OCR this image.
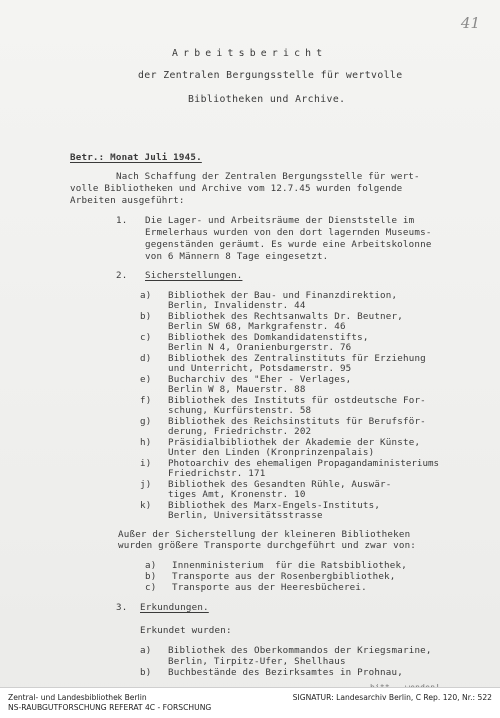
41
Arbeitsbericht
der Zentralen Bergungsstelle für wertvolle
Bibliotheken und Archive.
Betr.: Monat Juli 1945.
Nach Schaffung der Zentralen Bergungsstelle für wert-
volle Bibliotheken und Archive vom 12.7.45 wurden folgende
Arbeiten ausgeführt:
1. Die Lager- und Arbeitsräume der Dienststelle im
Ermelerhaus wurden von den dort lagernden Museums-
gegenständen geräumt. Es wurde eine Arbeitskolonne
von 6 Männern 8 Tage eingesetzt.
2. Sicherstellungen.
a) Bibliothek der Bau- und Finanzdirektion,
Berlin, Invalidenstr. 44
b) Bibliothek des Rechtsanwalts Dr. Beutner,
Berlin SW 68, Markgrafenstr. 46
c) Bibliothek des Domkandidatenstifts,
Berlin N 4, Oranienburgerstr. 76
d) Bibliothek des Zentralinstituts für Erziehung
und Unterricht, Potsdamerstr. 95
e) Bucharchiv des "Eher - Verlages,
Berlin W 8, Mauerstr. 88
f) Bibliothek des Instituts für ostdeutsche For-
schung, Kurfürstenstr. 58
g) Bibliothek des Reichsinstituts für Berufsför-
derung, Friedrichstr. 202
h) Präsidialbibliothek der Akademie der Künste,
Unter den Linden (Kronprinzenpalais)
i) Photoarchiv des ehemaligen Propagandaministeriums
Friedrichstr. 171
j) Bibliothek des Gesandten Rühle, Auswär-
tiges Amt, Kronenstr. 10
k) Bibliothek des Marx-Engels-Instituts,
Berlin, Universitätsstrasse
Außer der Sicherstellung der kleineren Bibliotheken
wurden größere Transporte durchgeführt und zwar von:
a) Innenministerium  für die Ratsbibliothek,
b) Transporte aus der Rosenbergbibliothek,
c) Transporte aus der Heeresbücherei.
3. Erkundungen.
Erkundet wurden:
a) Bibliothek des Oberkommandos der Kriegsmarine,
Berlin, Tirpitz-Ufer, Shellhaus
b) Buchbestände des Bezirksamtes in Prohnau,
Zentral- und Landesbibliothek Berlin
NS-RAUBGUTFORSCHUNG REFERAT 4C - FORSCHUNG
SIGNATUR: Landesarchiv Berlin, C Rep. 120, Nr.: 522
